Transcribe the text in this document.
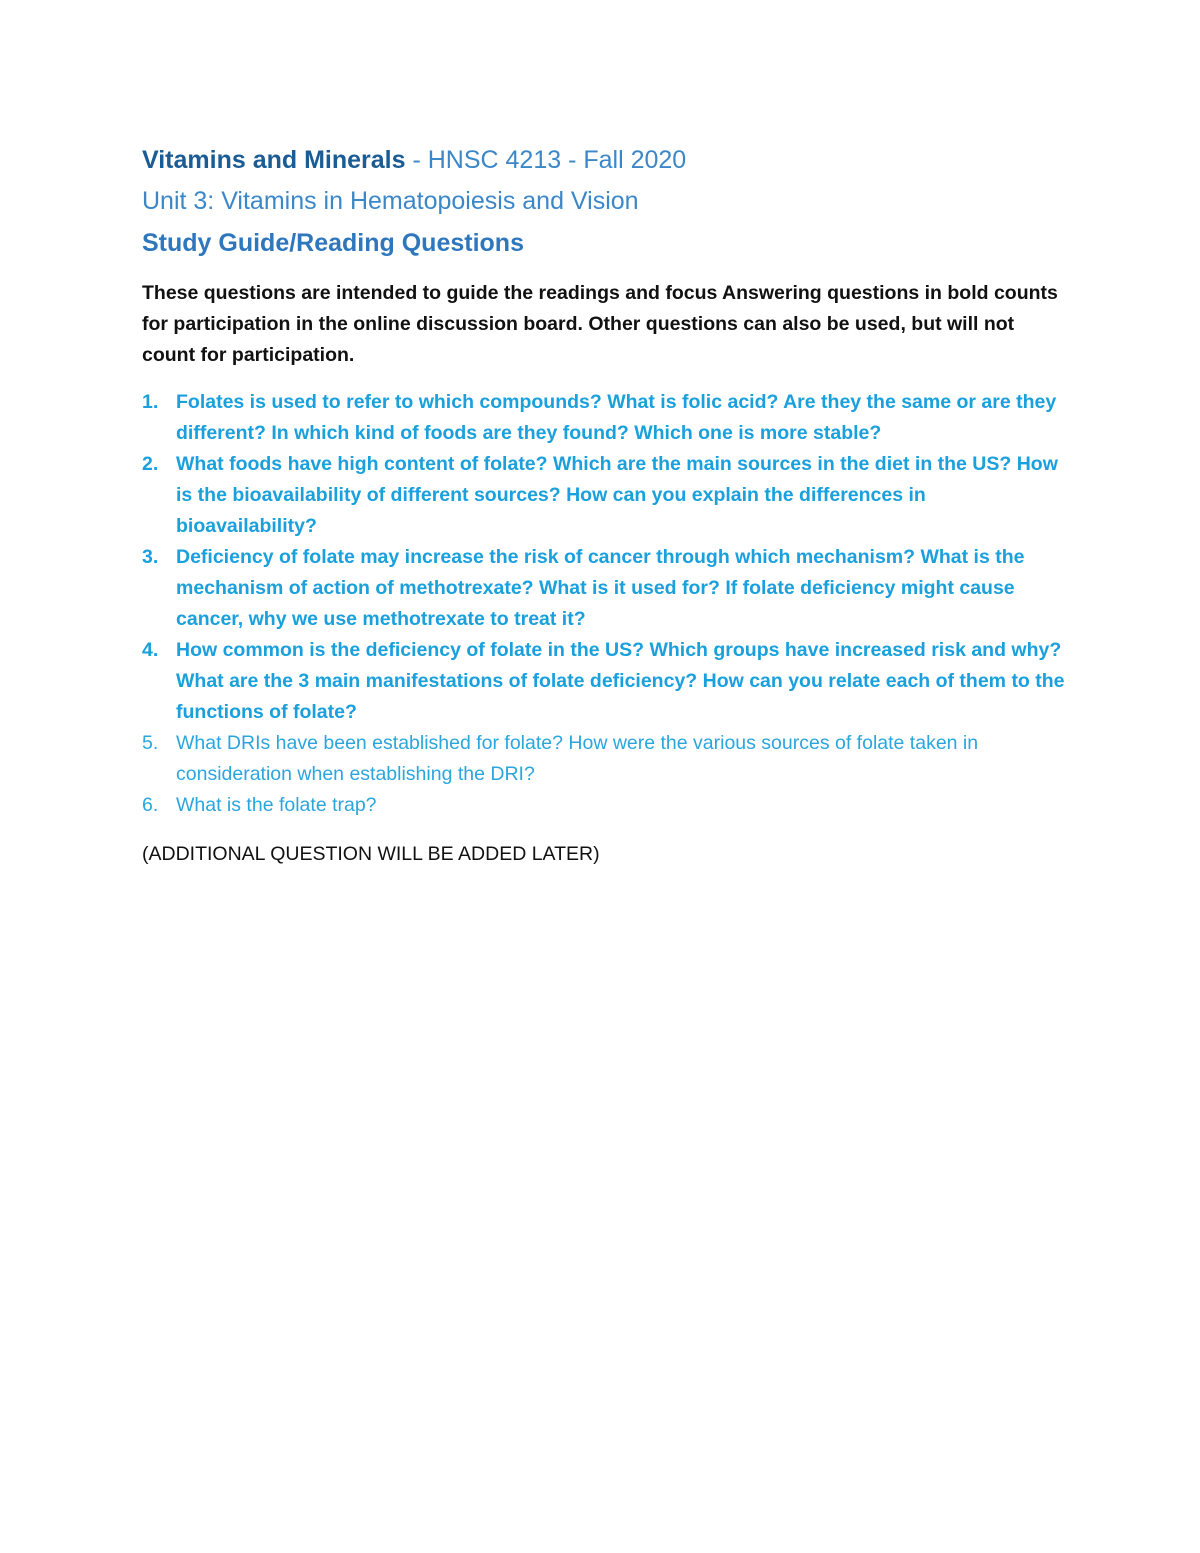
Vitamins and Minerals - HNSC 4213 - Fall 2020

Unit 3: Vitamins in Hematopoiesis and Vision

Study Guide/Reading Questions

These questions are intended to guide the readings and focus Answering questions in bold counts for participation in the online discussion board. Other questions can also be used, but will not count for participation.
1. Folates is used to refer to which compounds? What is folic acid? Are they the same or are they different? In which kind of foods are they found? Which one is more stable?
2. What foods have high content of folate? Which are the main sources in the diet in the US? How is the bioavailability of different sources? How can you explain the differences in bioavailability?
3. Deficiency of folate may increase the risk of cancer through which mechanism? What is the mechanism of action of methotrexate? What is it used for? If folate deficiency might cause cancer, why we use methotrexate to treat it?
4. How common is the deficiency of folate in the US? Which groups have increased risk and why? What are the 3 main manifestations of folate deficiency? How can you relate each of them to the functions of folate?
5. What DRIs have been established for folate? How were the various sources of folate taken in consideration when establishing the DRI?
6. What is the folate trap?
(ADDITIONAL QUESTION WILL BE ADDED LATER)
